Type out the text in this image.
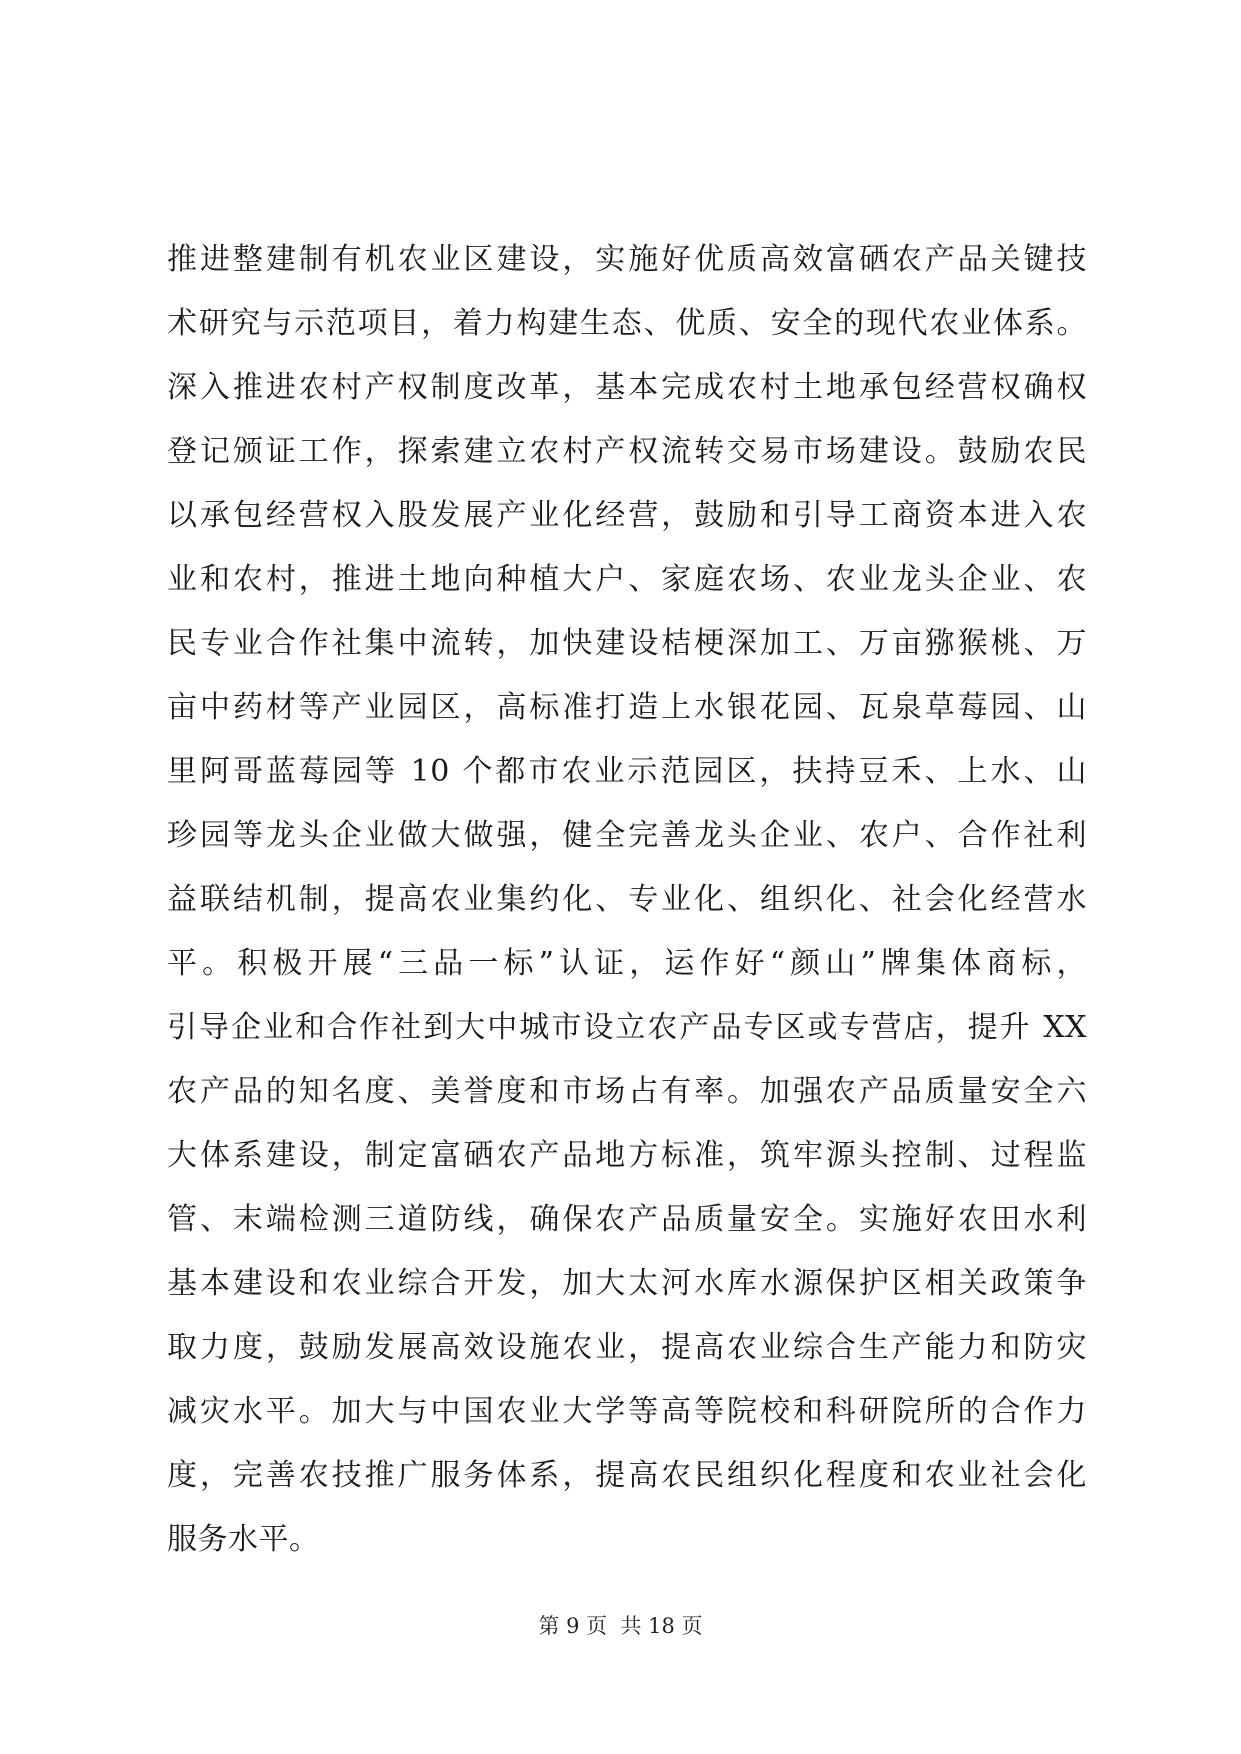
推进整建制有机农业区建设，实施好优质高效富硒农产品关键技
术研究与示范项目，着力构建生态、优质、安全的现代农业体系。
深入推进农村产权制度改革，基本完成农村土地承包经营权确权
登记颁证工作，探索建立农村产权流转交易市场建设。鼓励农民
以承包经营权入股发展产业化经营，鼓励和引导工商资本进入农
业和农村，推进土地向种植大户、家庭农场、农业龙头企业、农
民专业合作社集中流转，加快建设桔梗深加工、万亩猕猴桃、万
亩中药材等产业园区，高标准打造上水银花园、瓦泉草莓园、山
里阿哥蓝莓园等 10 个都市农业示范园区，扶持豆禾、上水、山
珍园等龙头企业做大做强，健全完善龙头企业、农户、合作社利
益联结机制，提高农业集约化、专业化、组织化、社会化经营水
平。积极开展“三品一标”认证，运作好“颜山”牌集体商标，
引导企业和合作社到大中城市设立农产品专区或专营店，提升 XX
农产品的知名度、美誉度和市场占有率。加强农产品质量安全六
大体系建设，制定富硒农产品地方标准，筑牢源头控制、过程监
管、末端检测三道防线，确保农产品质量安全。实施好农田水利
基本建设和农业综合开发，加大太河水库水源保护区相关政策争
取力度，鼓励发展高效设施农业，提高农业综合生产能力和防灾
减灾水平。加大与中国农业大学等高等院校和科研院所的合作力
度，完善农技推广服务体系，提高农民组织化程度和农业社会化
服务水平。
第 9 页  共 18 页
